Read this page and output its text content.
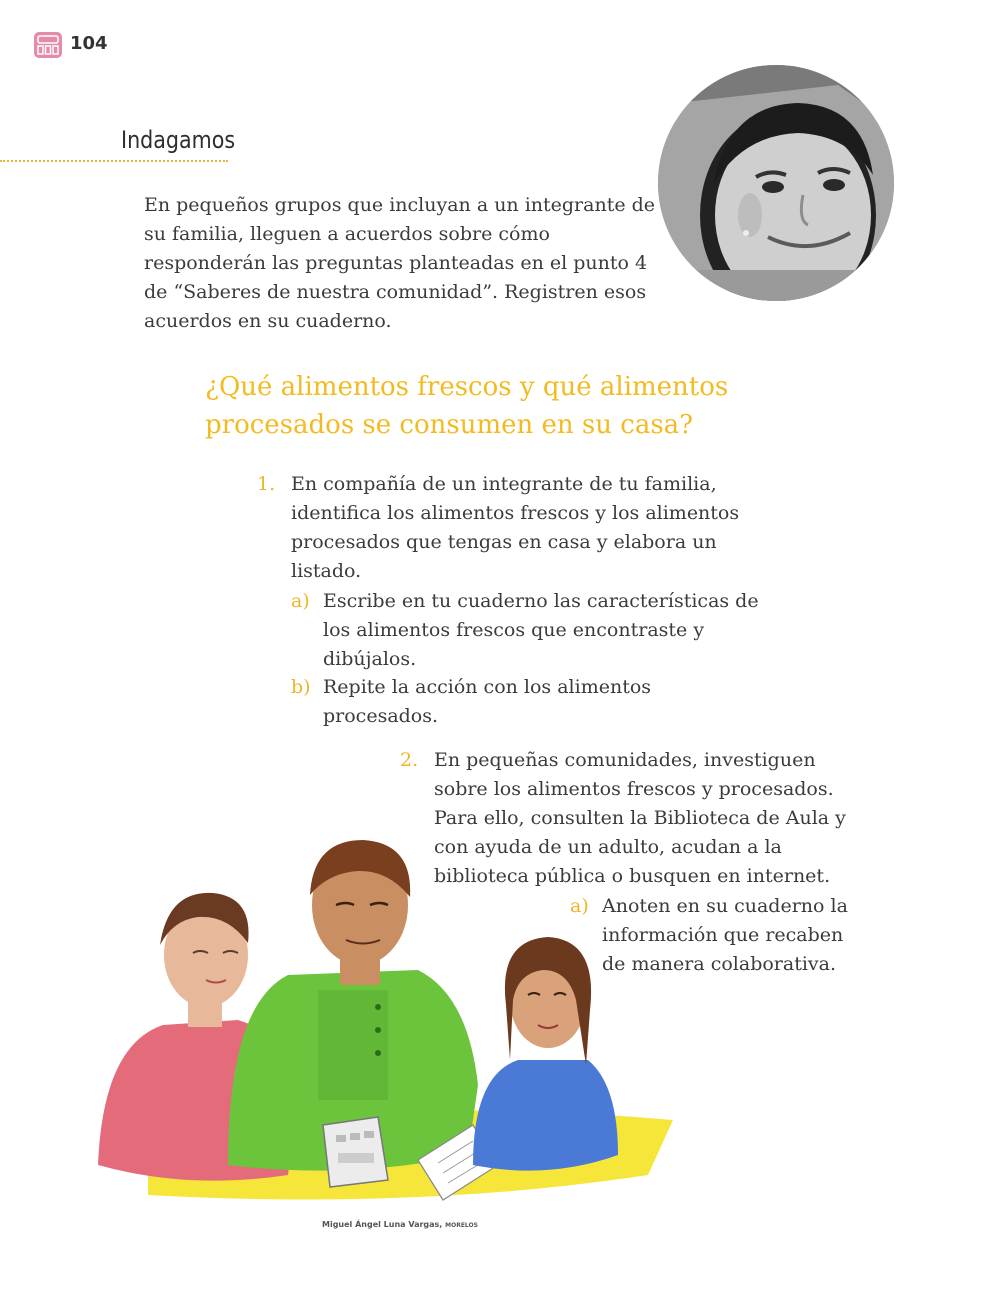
104
Indagamos
En pequeños grupos que incluyan a un integrante de su familia, lleguen a acuerdos sobre cómo responderán las preguntas planteadas en el punto 4 de “Saberes de nuestra comunidad”. Registren esos acuerdos en su cuaderno.
¿Qué alimentos frescos y qué alimentos procesados se consumen en su casa?
1. En compañía de un integrante de tu familia, identifica los alimentos frescos y los alimentos procesados que tengas en casa y elabora un listado.
a) Escribe en tu cuaderno las características de los alimentos frescos que encontraste y dibújalos.
b) Repite la acción con los alimentos procesados.
2. En pequeñas comunidades, investiguen sobre los alimentos frescos y procesados. Para ello, consulten la Biblioteca de Aula y con ayuda de un adulto, acudan a la biblioteca pública o busquen en internet.
a) Anoten en su cuaderno la información que recaben de manera colaborativa.
Miguel Ángel Luna Vargas, MORELOS
